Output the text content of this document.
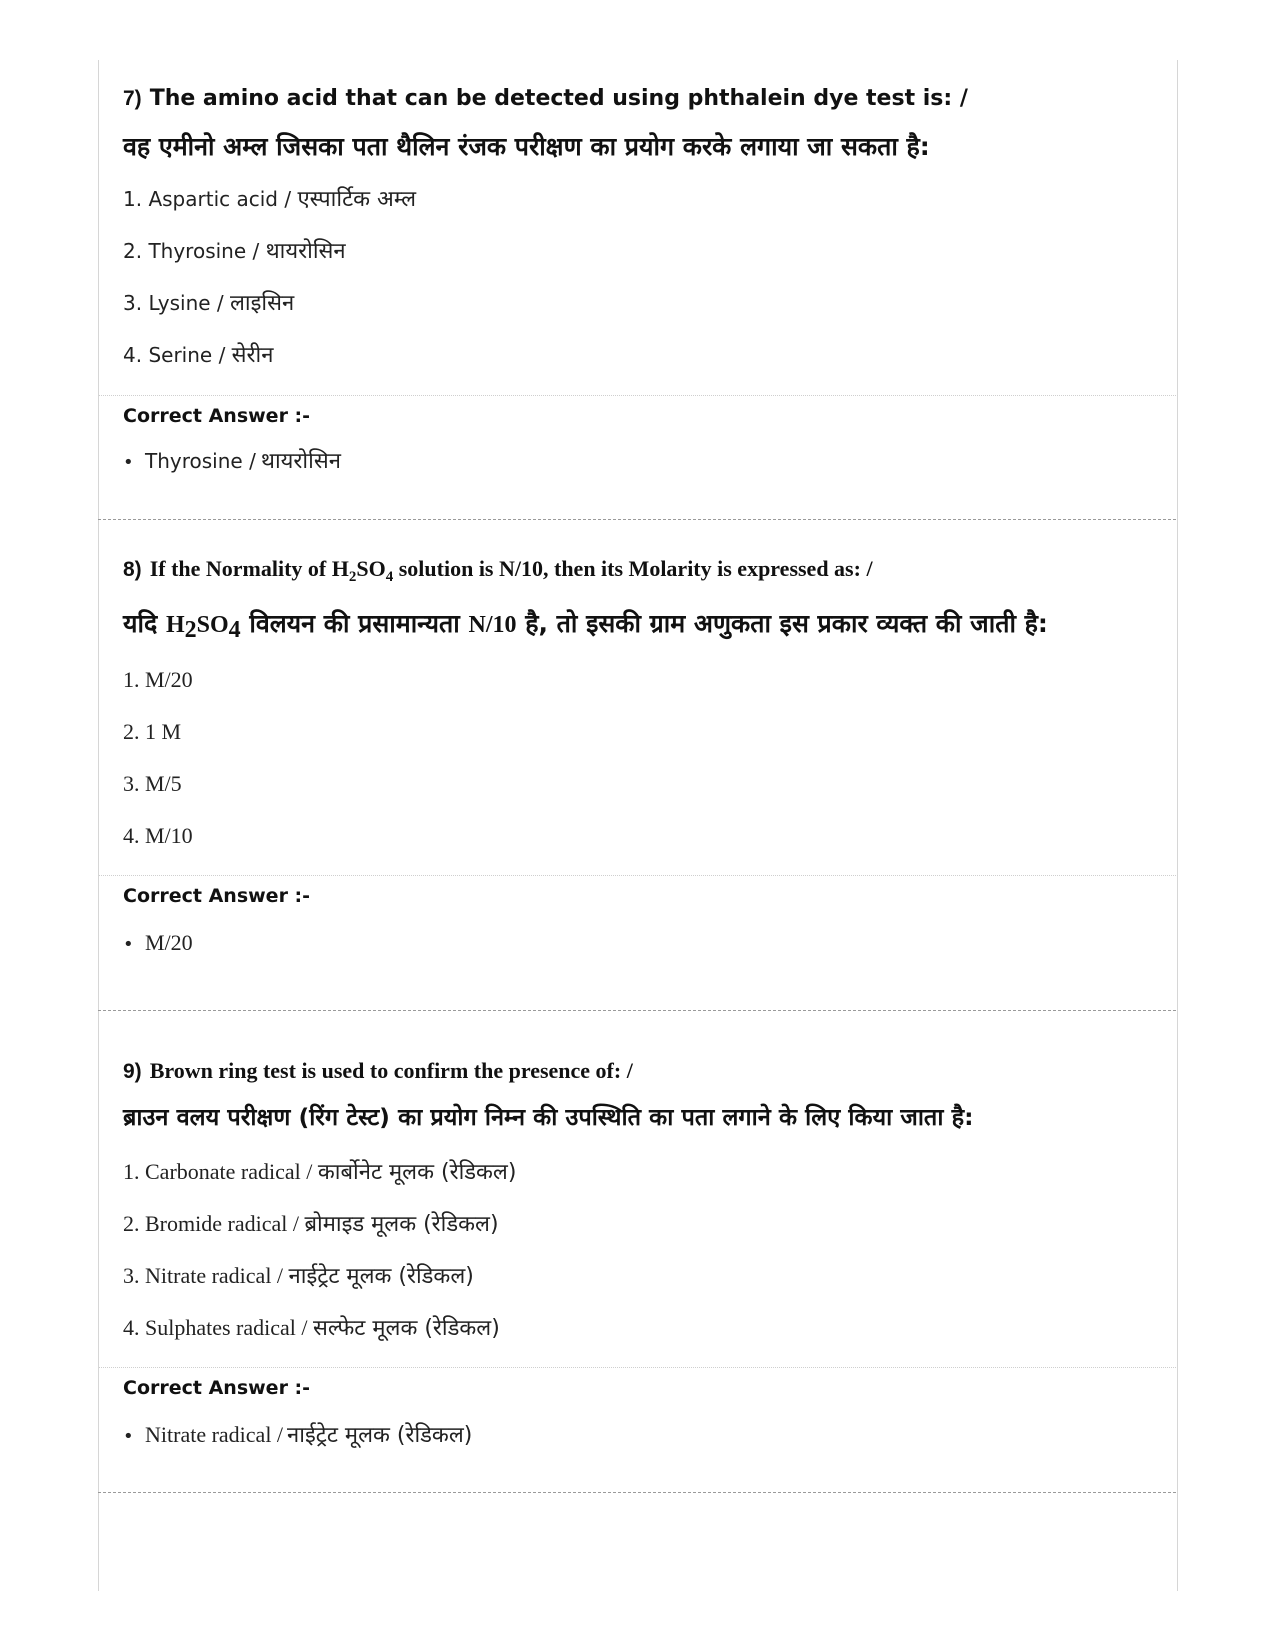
7) The amino acid that can be detected using phthalein dye test is: /

वह एमीनो अम्ल जिसका पता थैलिन रंजक परीक्षण का प्रयोग करके लगाया जा सकता है:

1. Aspartic acid / एस्पार्टिक अम्ल

2. Thyrosine / थायरोसिन

3. Lysine / लाइसिन

4. Serine / सेरीन

Correct Answer :-

• Thyrosine / थायरोसिन

8) If the Normality of $H_2SO_4$ solution is N/10, then its Molarity is expressed as: /

यदि $H_2SO_4$ विलयन की प्रसामान्यता N/10 है, तो इसकी ग्राम अणुकता इस प्रकार व्यक्त की जाती है:

1. M/20

2. 1 M

3. M/5

4. M/10

Correct Answer :-

• M/20

9) Brown ring test is used to confirm the presence of: /

ब्राउन वलय परीक्षण (रिंग टेस्ट) का प्रयोग निम्न की उपस्थिति का पता लगाने के लिए किया जाता है:

1. Carbonate radical / कार्बोनेट मूलक (रेडिकल)

2. Bromide radical / ब्रोमाइड मूलक (रेडिकल)

3. Nitrate radical / नाईट्रेट मूलक (रेडिकल)

4. Sulphates radical / सल्फेट मूलक (रेडिकल)

Correct Answer :-

• Nitrate radical / नाईट्रेट मूलक (रेडिकल)
